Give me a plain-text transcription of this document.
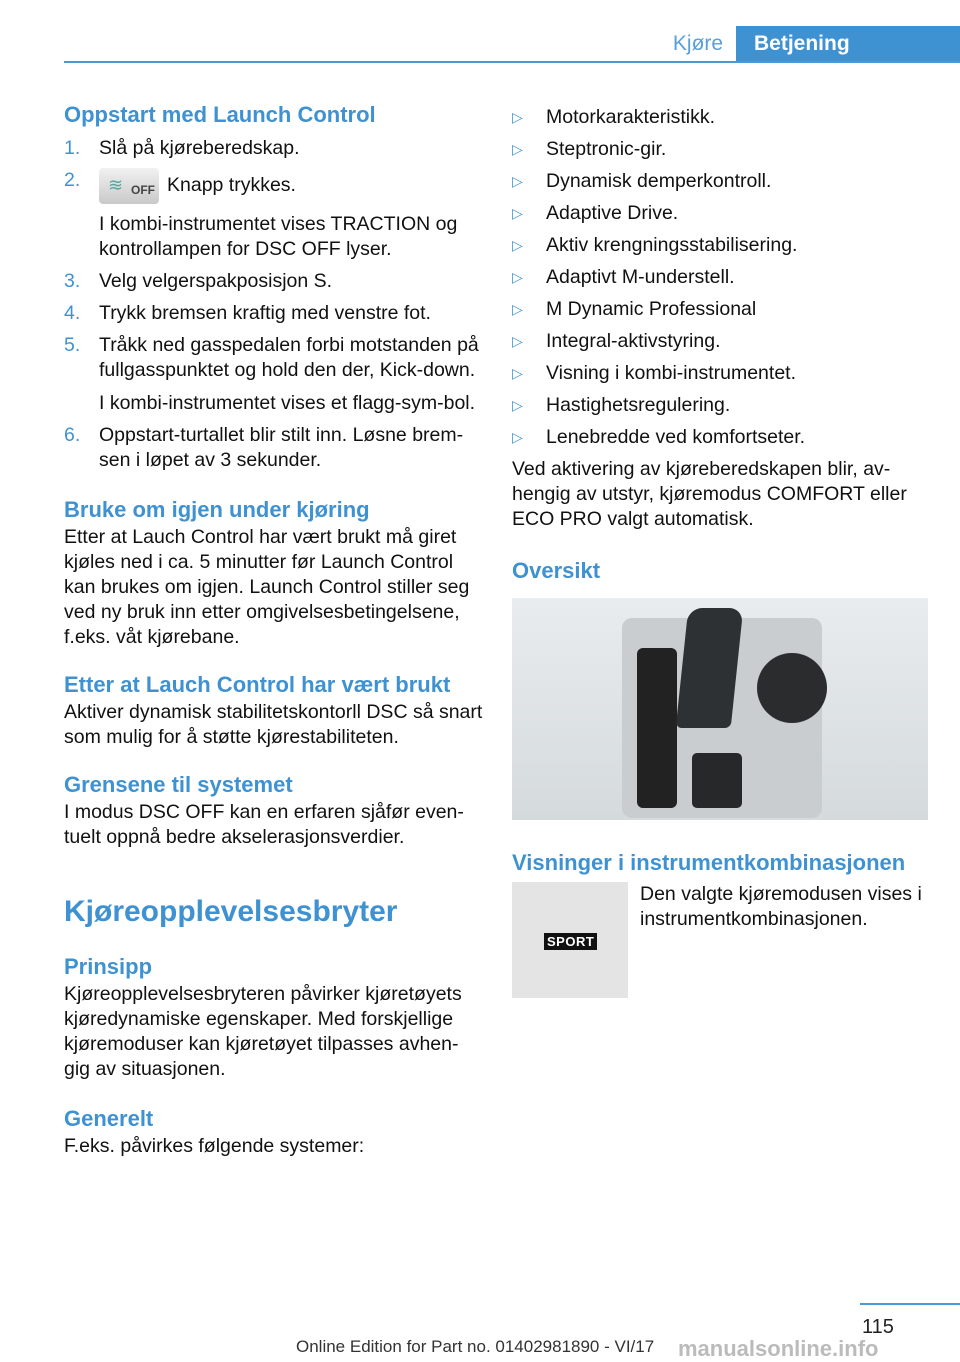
Kjøre	Betjening
Oppstart med Launch Control
1. Slå på kjøreberedskap.
2. ≋ OFF Knapp trykkes.
I kombi-instrumentet vises TRACTION og kontrollampen for DSC OFF lyser.
3. Velg velgerspakposisjon S.
4. Trykk bremsen kraftig med venstre fot.
5. Tråkk ned gasspedalen forbi motstanden på fullgasspunktet og hold den der, Kick-down.
I kombi-instrumentet vises et flagg-sym-bol.
6. Oppstart-turtallet blir stilt inn. Løsne brem-sen i løpet av 3 sekunder.
Bruke om igjen under kjøring

Etter at Lauch Control har vært brukt må giret kjøles ned i ca. 5 minutter før Launch Control kan brukes om igjen. Launch Control stiller seg ved ny bruk inn etter omgivelsesbetingelsene, f.eks. våt kjørebane.

Etter at Lauch Control har vært brukt

Aktiver dynamisk stabilitetskontorll DSC så snart som mulig for å støtte kjørestabiliteten.

Grensene til systemet

I modus DSC OFF kan en erfaren sjåfør even-tuelt oppnå bedre akselerasjonsverdier.

Kjøreopplevelsesbryter
Prinsipp

Kjøreopplevelsesbryteren påvirker kjøretøyets kjøredynamiske egenskaper. Med forskjellige kjøremoduser kan kjøretøyet tilpasses avhen-gig av situasjonen.

Generelt

F.eks. påvirkes følgende systemer:

▷ Motorkarakteristikk.
▷ Steptronic-gir.
▷ Dynamisk demperkontroll.
▷ Adaptive Drive.
▷ Aktiv krengningsstabilisering.
▷ Adaptivt M-understell.
▷ M Dynamic Professional
▷ Integral-aktivstyring.
▷ Visning i kombi-instrumentet.
▷ Hastighetsregulering.
▷ Lenebredde ved komfortseter.

Ved aktivering av kjøreberedskapen blir, av-hengig av utstyr, kjøremodus COMFORT eller ECO PRO valgt automatisk.

Oversikt
Visninger i instrumentkombinasjonen
SPORT

Den valgte kjøremodusen vises i instrumentkombinasjonen.

115
Online Edition for Part no. 01402981890 - VI/17 manualsonline.info
